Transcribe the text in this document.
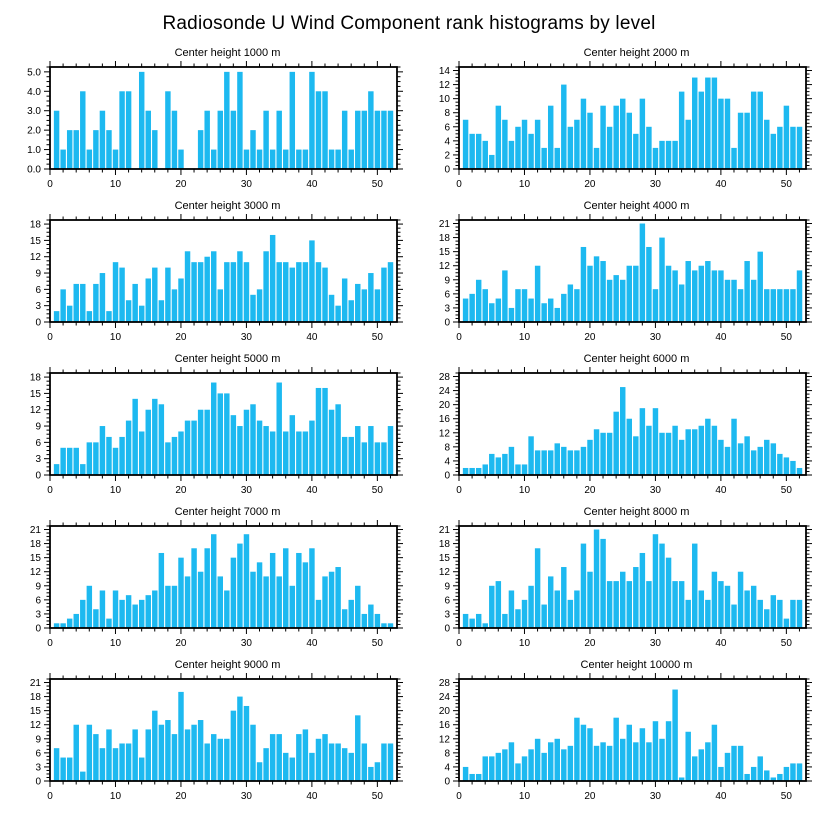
Radiosonde U Wind Component rank histograms by level
Center height 1000 m
0.0
1.0
2.0
3.0
4.0
5.0
0	10	20	30	40	50
Center height 2000 m
0
2
4
6
8
10
12
14
0	10	20	30	40	50
Center height 3000 m
0
3
6
9
12
15
18
0	10	20	30	40	50
Center height 4000 m
0
3
6
9
12
15
18
21
0	10	20	30	40	50
Center height 5000 m
0
3
6
9
12
15
18
0	10	20	30	40	50
Center height 6000 m
0
4
8
12
16
20
24
28
0	10	20	30	40	50
Center height 7000 m
0
3
6
9
12
15
18
21
0	10	20	30	40	50
Center height 8000 m
0
3
6
9
12
15
18
21
0	10	20	30	40	50
Center height 9000 m
0
3
6
9
12
15
18
21
0	10	20	30	40	50
Center height 10000 m
0
4
8
12
16
20
24
28
0	10	20	30	40	50
